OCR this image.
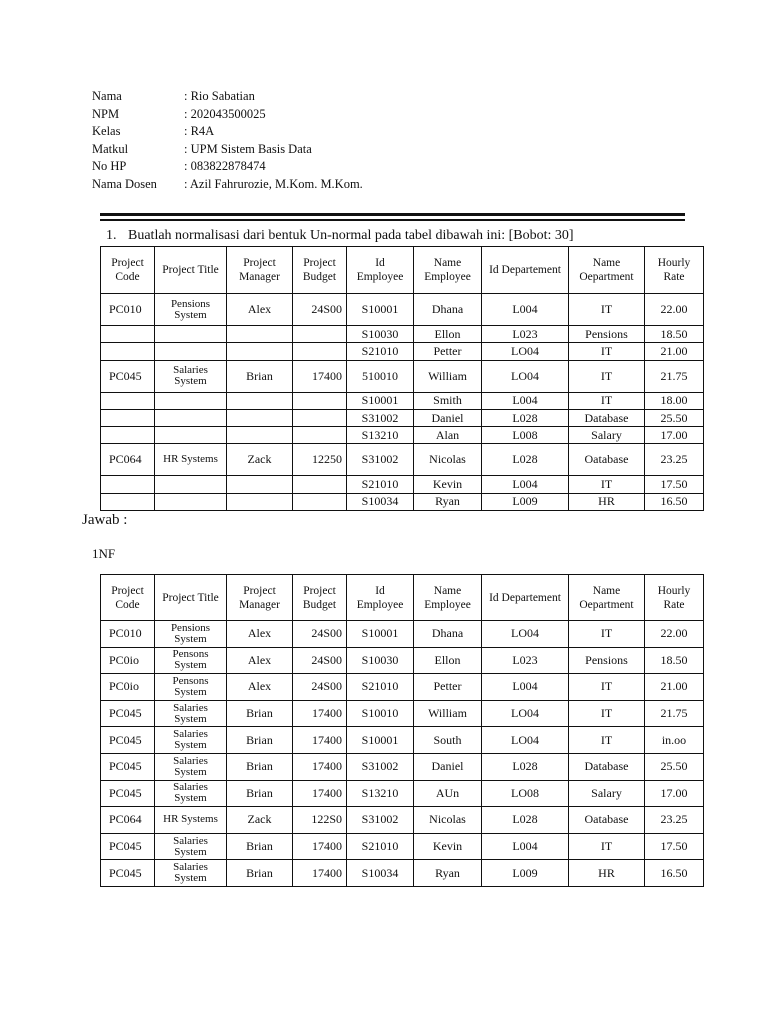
Nama	: Rio Sabatian
NPM	: 202043500025
Kelas	: R4A
Matkul	: UPM Sistem Basis Data
No HP	: 083822878474
Nama Dosen	: Azil Fahrurozie, M.Kom. M.Kom.
1. Buatlah normalisasi dari bentuk Un-normal pada tabel dibawah ini: [Bobot: 30]
Project Code	Project Title	Project Manager	Project Budget	Id Employee	Name Employee	Id Departement	Name Oepartment	Hourly Rate
PC010	Pensions System	Alex	24S00	S10001	Dhana	L004	IT	22.00
				S10030	Ellon	L023	Pensions	18.50
				S21010	Petter	LO04	IT	21.00
PC045	Salaries System	Brian	17400	510010	William	LO04	IT	21.75
				S10001	Smith	L004	IT	18.00
				S31002	Daniel	L028	Database	25.50
				S13210	Alan	L008	Salary	17.00
PC064	HR Systems	Zack	12250	S31002	Nicolas	L028	Oatabase	23.25
				S21010	Kevin	L004	IT	17.50
				S10034	Ryan	L009	HR	16.50
Jawab :
1NF
Project Code	Project Title	Project Manager	Project Budget	Id Employee	Name Employee	Id Departement	Name Oepartment	Hourly Rate
PC010	Pensions System	Alex	24S00	S10001	Dhana	LO04	IT	22.00
PC0io	Pensons System	Alex	24S00	S10030	Ellon	L023	Pensions	18.50
PC0io	Pensons System	Alex	24S00	S21010	Petter	L004	IT	21.00
PC045	Salaries System	Brian	17400	S10010	William	LO04	IT	21.75
PC045	Salaries System	Brian	17400	S10001	South	LO04	IT	in.oo
PC045	Salaries System	Brian	17400	S31002	Daniel	L028	Database	25.50
PC045	Salaries System	Brian	17400	S13210	AUn	LO08	Salary	17.00
PC064	HR Systems	Zack	122S0	S31002	Nicolas	L028	Oatabase	23.25
PC045	Salaries System	Brian	17400	S21010	Kevin	L004	IT	17.50
PC045	Salaries System	Brian	17400	S10034	Ryan	L009	HR	16.50
